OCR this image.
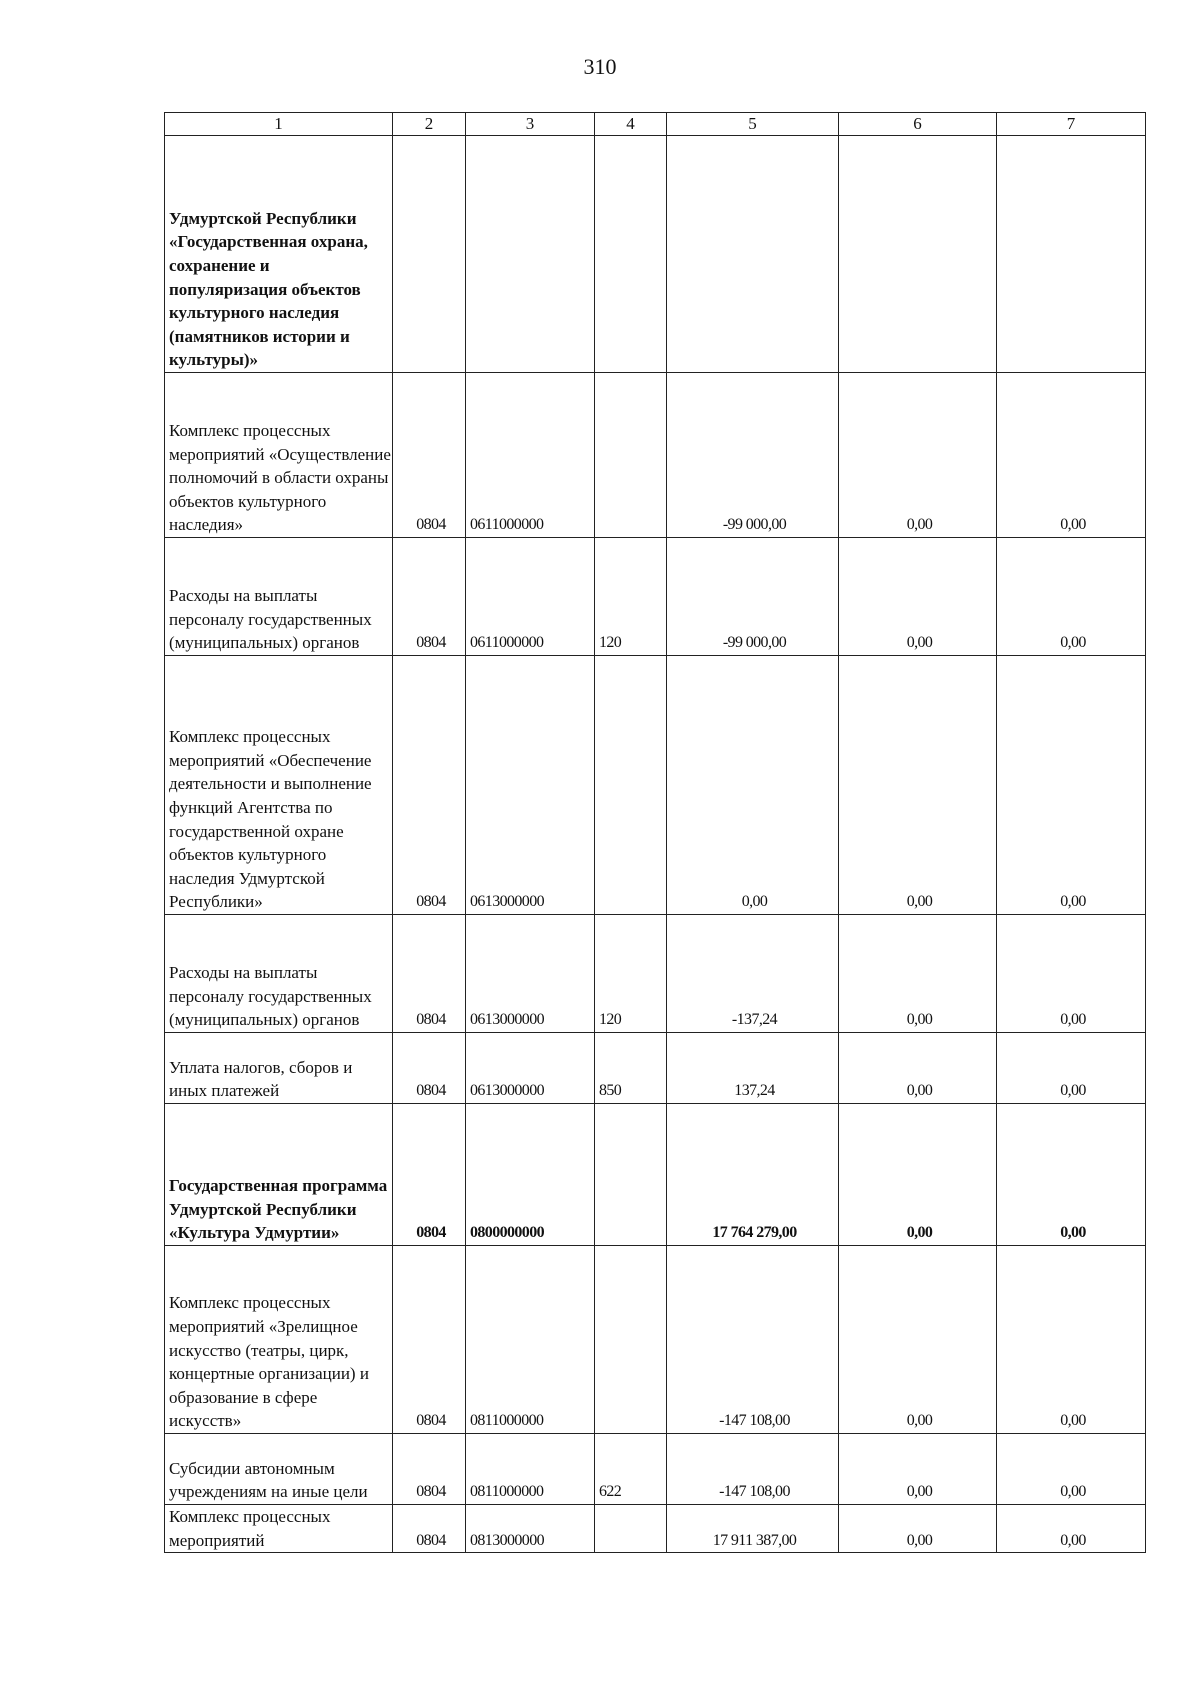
310
1	2	3	4	5	6	7
Удмуртской Республики «Государственная охрана, сохранение и популяризация объектов культурного наследия (памятников истории и культуры)»						
Комплекс процессных мероприятий «Осуществление полномочий в области охраны объектов культурного наследия»	0804	0611000000		-99 000,00	0,00	0,00
Расходы на выплаты персоналу государственных (муниципальных) органов	0804	0611000000	120	-99 000,00	0,00	0,00
Комплекс процессных мероприятий «Обеспечение деятельности и выполнение функций Агентства по государственной охране объектов культурного наследия Удмуртской Республики»	0804	0613000000		0,00	0,00	0,00
Расходы на выплаты персоналу государственных (муниципальных) органов	0804	0613000000	120	-137,24	0,00	0,00
Уплата налогов, сборов и иных платежей	0804	0613000000	850	137,24	0,00	0,00
Государственная программа Удмуртской Республики «Культура Удмуртии»	0804	0800000000		17 764 279,00	0,00	0,00
Комплекс процессных мероприятий «Зрелищное искусство (театры, цирк, концертные организации) и образование в сфере искусств»	0804	0811000000		-147 108,00	0,00	0,00
Субсидии автономным учреждениям на иные цели	0804	0811000000	622	-147 108,00	0,00	0,00
Комплекс процессных мероприятий	0804	0813000000		17 911 387,00	0,00	0,00
